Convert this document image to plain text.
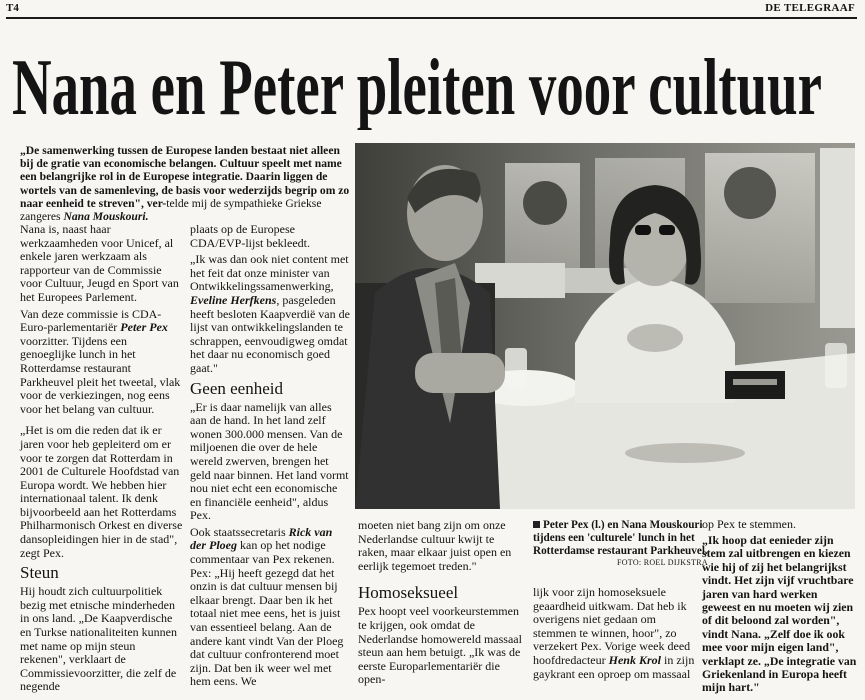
T4	DE TELEGRAAF
Nana en Peter pleiten voor cultuur
„De samenwerking tussen de Europese landen bestaat niet alleen bij de gratie van economische belangen. Cultuur speelt met name een belangrijke rol in de Europese integratie. Daarin liggen de wortels van de samenleving, de basis voor wederzijds begrip om zo naar eenheid te streven", ver-telde mij de sympathieke Griekse zangeres Nana Mouskouri.

Nana is, naast haar werkzaamheden voor Unicef, al enkele jaren werkzaam als rapporteur van de Commissie voor Cultuur, Jeugd en Sport van het Europees Parlement.

Van deze commissie is CDA-Euro-parlementariër Peter Pex voorzitter. Tijdens een genoeglijke lunch in het Rotterdamse restaurant Parkheuvel pleit het tweetal, vlak voor de verkiezingen, nog eens voor het belang van cultuur.

„Het is om die reden dat ik er jaren voor heb gepleiterd om er voor te zorgen dat Rotterdam in 2001 de Culturele Hoofdstad van Europa wordt. We hebben hier internationaal talent. Ik denk bijvoorbeeld aan het Rotterdams Philharmonisch Orkest en diverse dansopleidingen hier in de stad", zegt Pex.

Steun

Hij houdt zich cultuurpolitiek bezig met etnische minderheden in ons land. „De Kaapverdische en Turkse nationaliteiten kunnen met name op mijn steun rekenen", verklaart de Commissievoorzitter, die zelf de negende

plaats op de Europese CDA/EVP-lijst bekleedt.

„Ik was dan ook niet content met het feit dat onze minister van Ontwikkelingssamenwerking, Eveline Herfkens, pasgeleden heeft besloten Kaapverdië van de lijst van ontwikkelingslanden te schrappen, eenvoudigweg omdat het daar nu economisch goed gaat."

Geen eenheid

„Er is daar namelijk van alles aan de hand. In het land zelf wonen 300.000 mensen. Van de miljoenen die over de hele wereld zwerven, brengen het geld naar binnen. Het land vormt nou niet echt een economische en financiële eenheid", aldus Pex.

Ook staatssecretaris Rick van der Ploeg kan op het nodige commentaar van Pex rekenen. Pex: „Hij heeft gezegd dat het onzin is dat cultuur mensen bij elkaar brengt. Daar ben ik het totaal niet mee eens, het is juist van essentieel belang. Aan de andere kant vindt Van der Ploeg dat cultuur confronterend moet zijn. Dat ben ik weer wel met hem eens. We

moeten niet bang zijn om onze Nederlandse cultuur kwijt te raken, maar elkaar juist open en eerlijk tegemoet treden."

Homoseksueel

Pex hoopt veel voorkeurstemmen te krijgen, ook omdat de Nederlandse homowereld massaal steun aan hem betuigt. „Ik was de eerste Europarlementariër die open-

Peter Pex (l.) en Nana Mouskouri tijdens een 'culturele' lunch in het Rotterdamse restaurant Parkheuvel.
FOTO: ROEL DIJKSTRA

lijk voor zijn homoseksuele geaardheid uitkwam. Dat heb ik overigens niet gedaan om stemmen te winnen, hoor", zo verzekert Pex. Vorige week deed hoofdredacteur Henk Krol in zijn gaykrant een oproep om massaal

op Pex te stemmen.
„Ik hoop dat eenieder zijn stem zal uitbrengen en kiezen wie hij of zij het belangrijkst vindt. Het zijn vijf vruchtbare jaren van hard werken geweest en nu moeten wij zien of dit beloond zal worden", vindt Nana. „Zelf doe ik ook mee voor mijn eigen land", verklapt ze. „De integratie van Griekenland in Europa heeft mijn hart."
